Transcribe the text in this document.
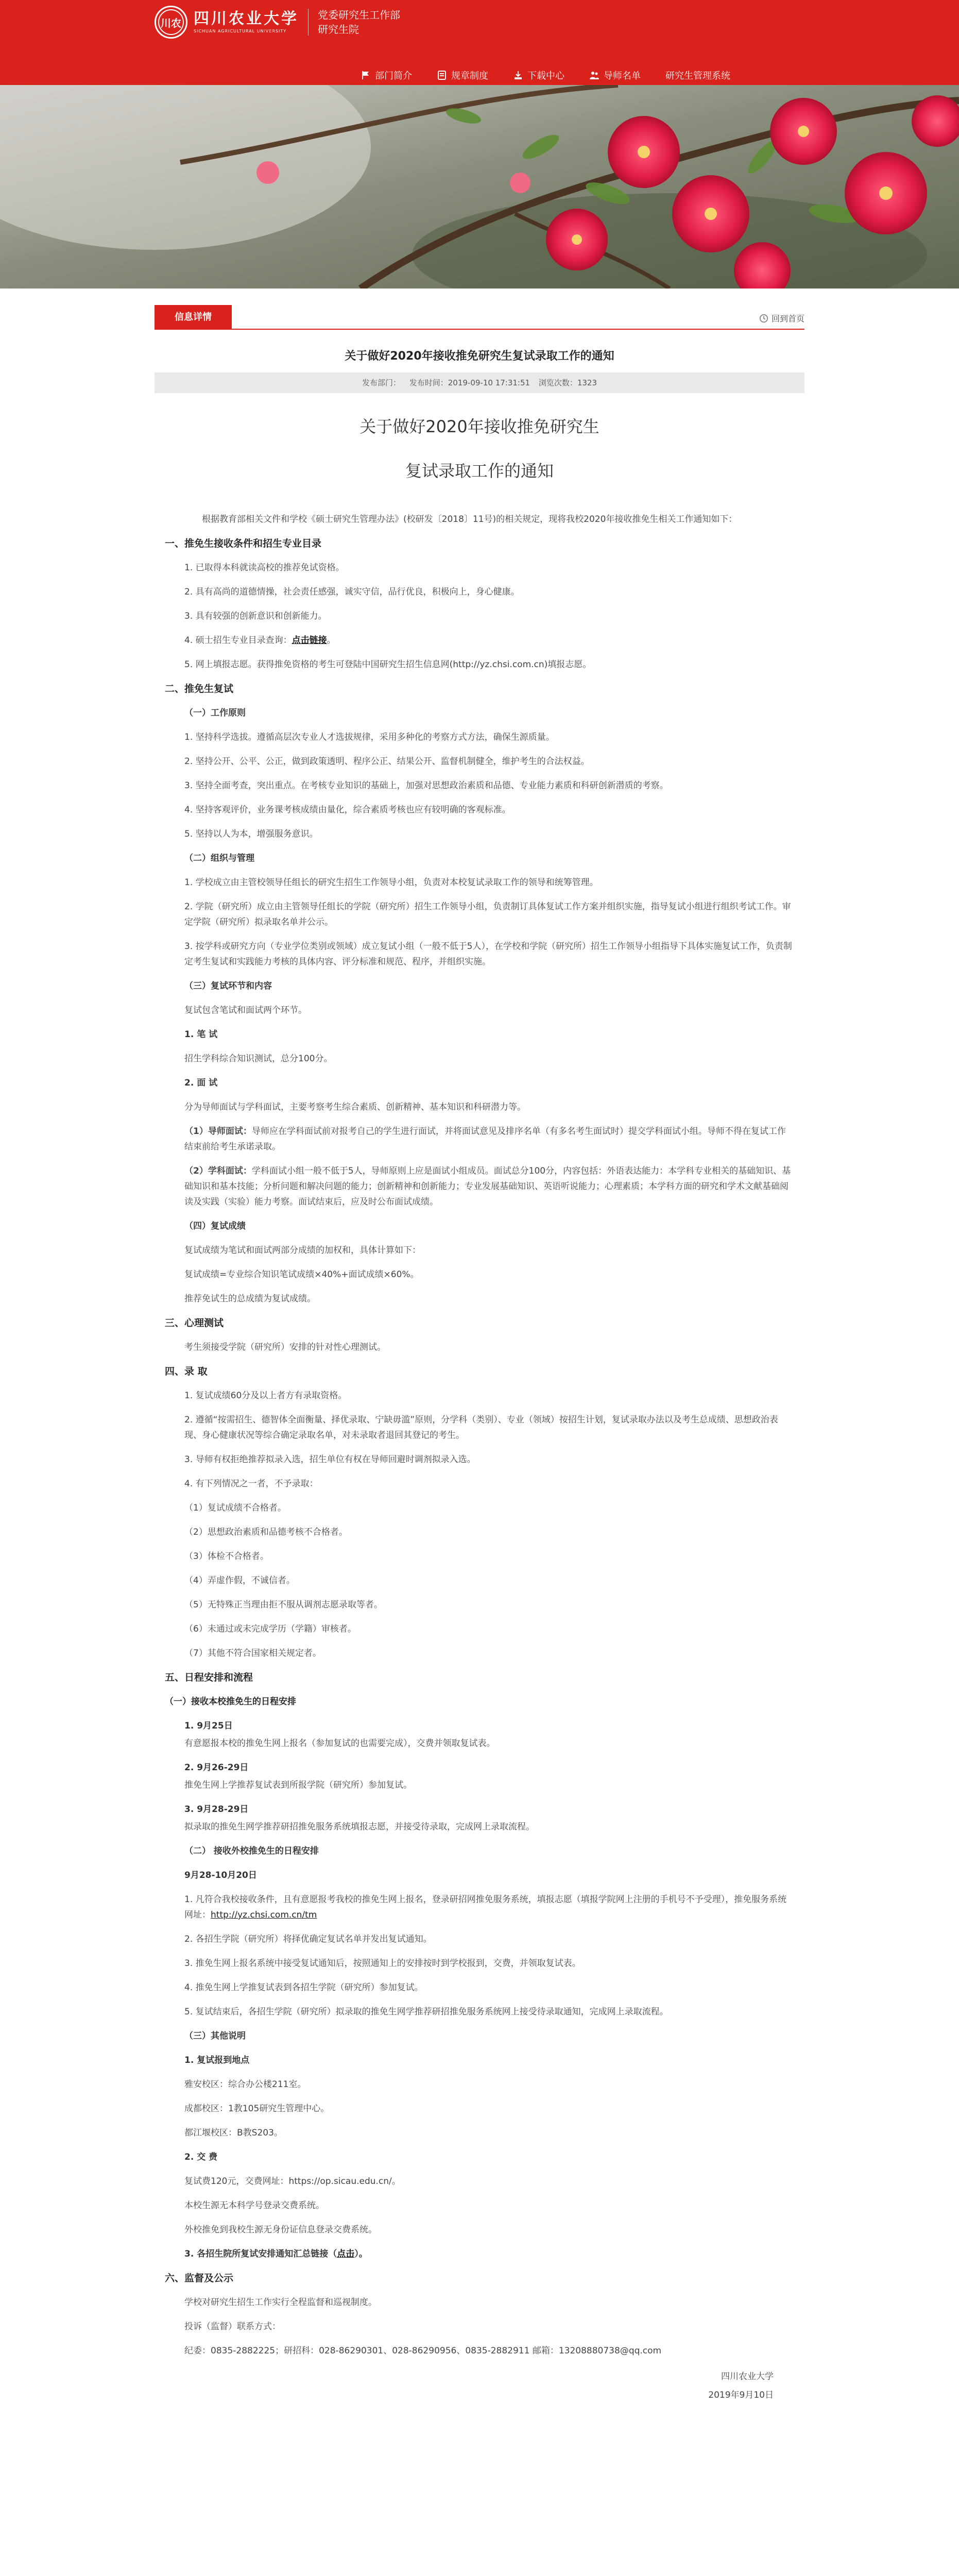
川农 四川农业大学
SICHUAN AGRICULTURAL UNIVERSITY
党委研究生工作部
研究生院
部门简介	规章制度	下载中心	导师名单	研究生管理系统
信息详情	回到首页
关于做好2020年接收推免研究生复试录取工作的通知
发布部门： 发布时间：2019-09-10 17:31:51 浏览次数：1323
关于做好2020年接收推免研究生
复试录取工作的通知
根据教育部相关文件和学校《硕士研究生管理办法》(校研发〔2018〕11号)的相关规定，现将我校2020年接收推免生相关工作通知如下：
一、推免生接收条件和招生专业目录
1. 已取得本科就读高校的推荐免试资格。
2. 具有高尚的道德情操，社会责任感强，诚实守信，品行优良，积极向上，身心健康。
3. 具有较强的创新意识和创新能力。
4. 硕士招生专业目录查询：点击链接。
5. 网上填报志愿。获得推免资格的考生可登陆中国研究生招生信息网(http://yz.chsi.com.cn)填报志愿。
二、推免生复试
（一）工作原则
1. 坚持科学选拔。遵循高层次专业人才选拔规律，采用多种化的考察方式方法，确保生源质量。
2. 坚持公开、公平、公正，做到政策透明、程序公正、结果公开、监督机制健全，维护考生的合法权益。
3. 坚持全面考查，突出重点。在考核专业知识的基础上，加强对思想政治素质和品德、专业能力素质和科研创新潜质的考察。
4. 坚持客观评价，业务课考核成绩由量化，综合素质考核也应有较明确的客观标准。
5. 坚持以人为本，增强服务意识。
（二）组织与管理
1. 学校成立由主管校领导任组长的研究生招生工作领导小组，负责对本校复试录取工作的领导和统筹管理。
2. 学院（研究所）成立由主管领导任组长的学院（研究所）招生工作领导小组，负责制订具体复试工作方案并组织实施，指导复试小组进行组织考试工作。审定学院（研究所）拟录取名单并公示。
3. 按学科或研究方向（专业学位类别或领域）成立复试小组（一般不低于5人），在学校和学院（研究所）招生工作领导小组指导下具体实施复试工作，负责制定考生复试和实践能力考核的具体内容、评分标准和规范、程序，并组织实施。
（三）复试环节和内容
复试包含笔试和面试两个环节。
1. 笔 试
招生学科综合知识测试，总分100分。
2. 面 试
分为导师面试与学科面试，主要考察考生综合素质、创新精神、基本知识和科研潜力等。
（1）导师面试：导师应在学科面试前对报考自己的学生进行面试，并将面试意见及排序名单（有多名考生面试时）提交学科面试小组。导师不得在复试工作结束前给考生承诺录取。
（2）学科面试：学科面试小组一般不低于5人，导师原则上应是面试小组成员。面试总分100分，内容包括：外语表达能力：本学科专业相关的基础知识、基础知识和基本技能；分析问题和解决问题的能力；创新精神和创新能力；专业发展基础知识、英语听说能力；心理素质；本学科方面的研究和学术文献基础阅读及实践（实验）能力考察。面试结束后，应及时公布面试成绩。
（四）复试成绩
复试成绩为笔试和面试两部分成绩的加权和，具体计算如下：
复试成绩=专业综合知识笔试成绩×40%+面试成绩×60%。
推荐免试生的总成绩为复试成绩。
三、心理测试
考生须接受学院（研究所）安排的针对性心理测试。
四、录 取
1. 复试成绩60分及以上者方有录取资格。
2. 遵循“按需招生、德智体全面衡量、择优录取、宁缺毋滥”原则，分学科（类别）、专业（领域）按招生计划，复试录取办法以及考生总成绩、思想政治表现、身心健康状况等综合确定录取名单，对未录取者退回其登记的考生。
3. 导师有权拒绝推荐拟录入选，招生单位有权在导师回避时调剂拟录入选。
4. 有下列情况之一者，不予录取：
（1）复试成绩不合格者。
（2）思想政治素质和品德考核不合格者。
（3）体检不合格者。
（4）弄虚作假，不诚信者。
（5）无特殊正当理由拒不服从调剂志愿录取等者。
（6）未通过或未完成学历（学籍）审核者。
（7）其他不符合国家相关规定者。
五、日程安排和流程
（一）接收本校推免生的日程安排
1. 9月25日
有意愿报本校的推免生网上报名（参加复试的也需要完成），交费并领取复试表。
2. 9月26-29日
推免生网上学推荐复试表到所报学院（研究所）参加复试。
3. 9月28-29日
拟录取的推免生网学推荐研招推免服务系统填报志愿，并接受待录取，完成网上录取流程。
（二） 接收外校推免生的日程安排
9月28-10月20日
1. 凡符合我校接收条件，且有意愿报考我校的推免生网上报名，登录研招网推免服务系统，填报志愿（填报学院网上注册的手机号不予受理），推免服务系统网址：http://yz.chsi.com.cn/tm
2. 各招生学院（研究所）将择优确定复试名单并发出复试通知。
3. 推免生网上报名系统中接受复试通知后，按照通知上的安排按时到学校报到，交费，并领取复试表。
4. 推免生网上学推复试表到各招生学院（研究所）参加复试。
5. 复试结束后，各招生学院（研究所）拟录取的推免生网学推荐研招推免服务系统网上接受待录取通知，完成网上录取流程。
（三）其他说明
1. 复试报到地点
雅安校区：综合办公楼211室。
成都校区：1教105研究生管理中心。
都江堰校区：B教S203。
2. 交 费
复试费120元，交费网址：https://op.sicau.edu.cn/。
本校生源无本科学号登录交费系统。
外校推免到我校生源无身份证信息登录交费系统。
3. 各招生院所复试安排通知汇总链接（点击）。
六、监督及公示
学校对研究生招生工作实行全程监督和巡视制度。
投诉（监督）联系方式：
纪委：0835-2882225；研招科：028-86290301、028-86290956、0835-2882911 邮箱：13208880738@qq.com
四川农业大学
2019年9月10日
